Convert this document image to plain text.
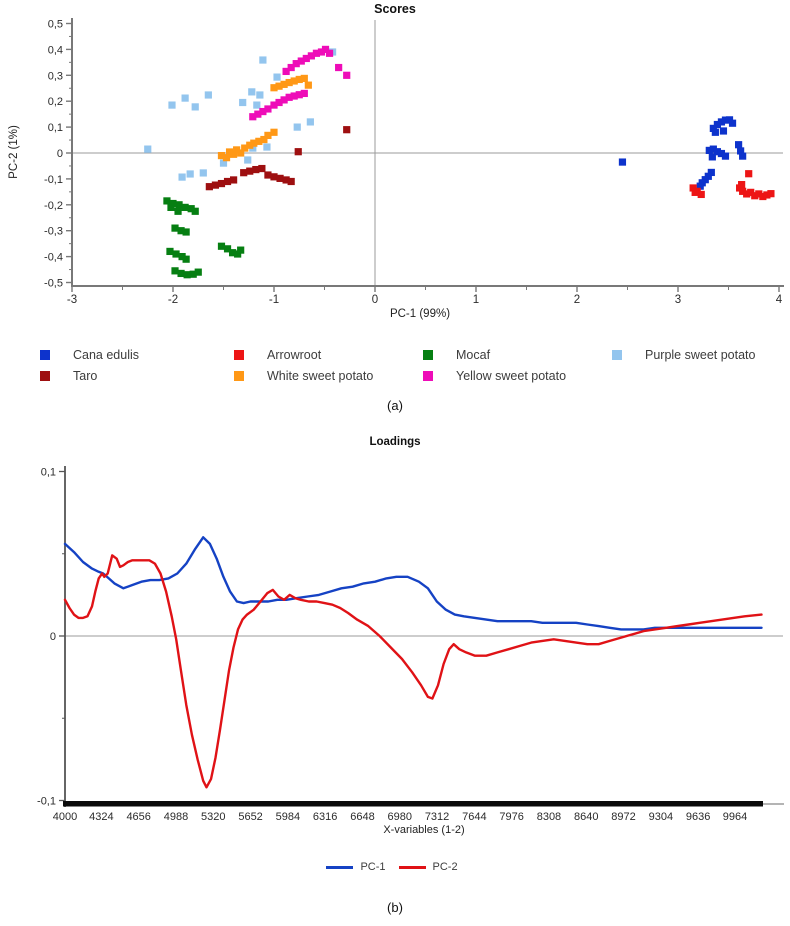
Scores
0,5
0,4
0,3
0,2
0,1
0
-0,1
-0,2
-0,3
-0,4
-0,5
-3	-2	-1	0	1	2	3	4
PC-2 (1%)
PC-1 (99%)
Cana edulis
Taro
Arrowroot
White sweet potato
Mocaf
Yellow sweet potato
Purple sweet potato
(a)
Loadings
0,1
0
-0,1
4000 4324 4656 4988 5320 5652 5984 6316 6648 6980 7312 7644 7976 8308 8640 8972 9304 9636 9964
X-variables (1-2)
PC-1	PC-2
(b)
